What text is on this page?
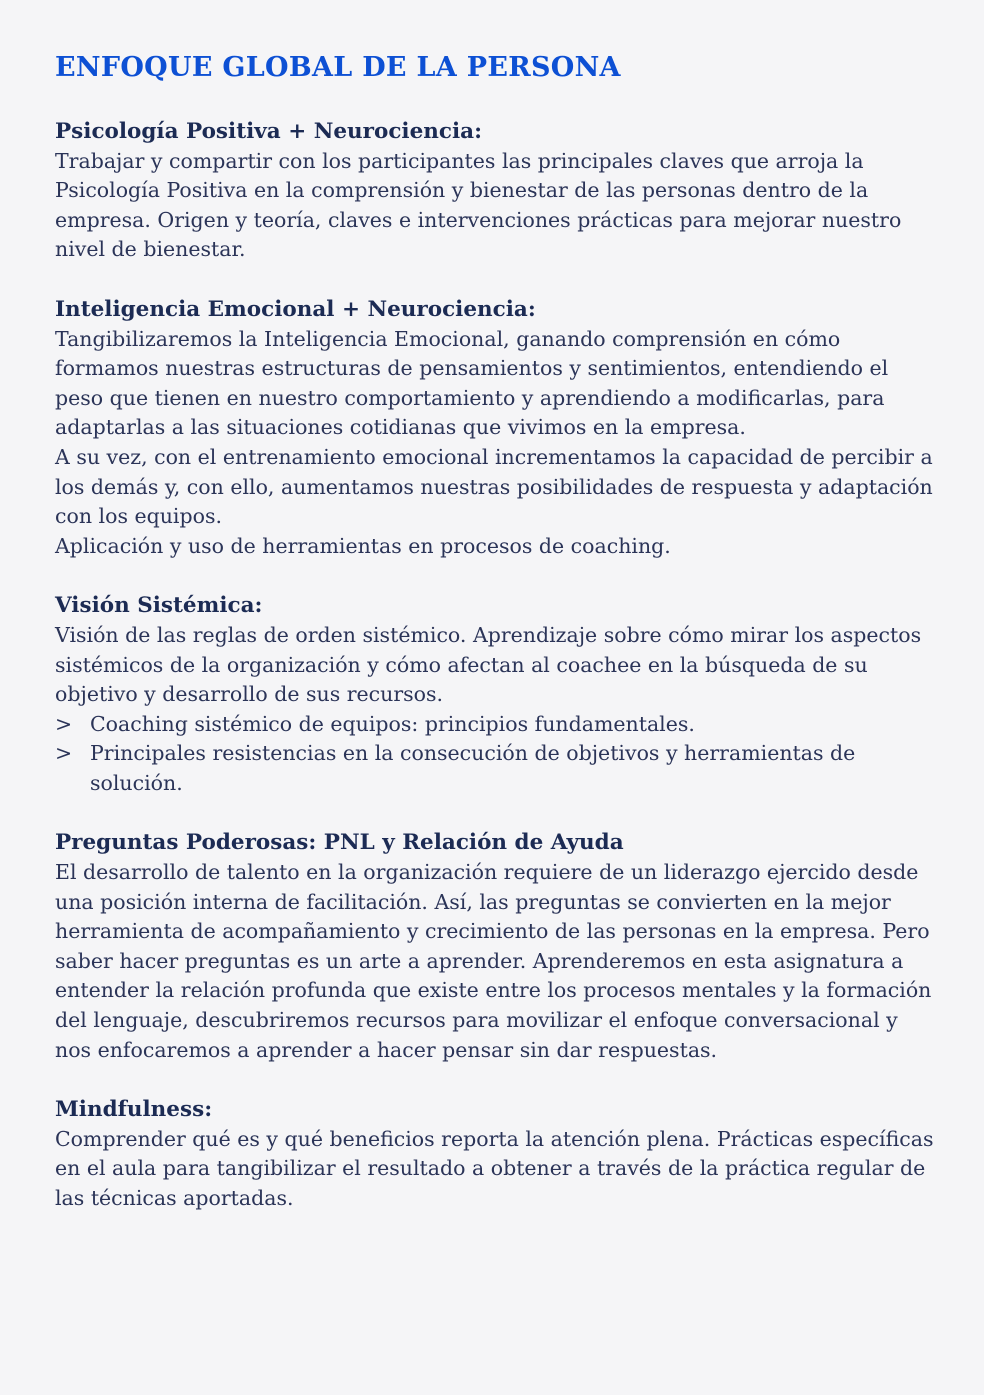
ENFOQUE GLOBAL DE LA PERSONA
Psicología Positiva + Neurociencia:

Trabajar y compartir con los participantes las principales claves que arroja la Psicología Positiva en la comprensión y bienestar de las personas dentro de la empresa. Origen y teoría, claves e intervenciones prácticas para mejorar nuestro nivel de bienestar.

Inteligencia Emocional + Neurociencia:

Tangibilizaremos la Inteligencia Emocional, ganando comprensión en cómo formamos nuestras estructuras de pensamientos y sentimientos, entendiendo el peso que tienen en nuestro comportamiento y aprendiendo a modificarlas, para adaptarlas a las situaciones cotidianas que vivimos en la empresa.

A su vez, con el entrenamiento emocional incrementamos la capacidad de percibir a los demás y, con ello, aumentamos nuestras posibilidades de respuesta y adaptación con los equipos.

Aplicación y uso de herramientas en procesos de coaching.

Visión Sistémica:

Visión de las reglas de orden sistémico. Aprendizaje sobre cómo mirar los aspectos sistémicos de la organización y cómo afectan al coachee en la búsqueda de su objetivo y desarrollo de sus recursos.

> Coaching sistémico de equipos: principios fundamentales.
> Principales resistencias en la consecución de objetivos y herramientas de solución.
Preguntas Poderosas: PNL y Relación de Ayuda

El desarrollo de talento en la organización requiere de un liderazgo ejercido desde una posición interna de facilitación. Así, las preguntas se convierten en la mejor herramienta de acompañamiento y crecimiento de las personas en la empresa. Pero saber hacer preguntas es un arte a aprender. Aprenderemos en esta asignatura a entender la relación profunda que existe entre los procesos mentales y la formación del lenguaje, descubriremos recursos para movilizar el enfoque conversacional y nos enfocaremos a aprender a hacer pensar sin dar respuestas.

Mindfulness:

Comprender qué es y qué beneficios reporta la atención plena. Prácticas específicas en el aula para tangibilizar el resultado a obtener a través de la práctica regular de las técnicas aportadas.
